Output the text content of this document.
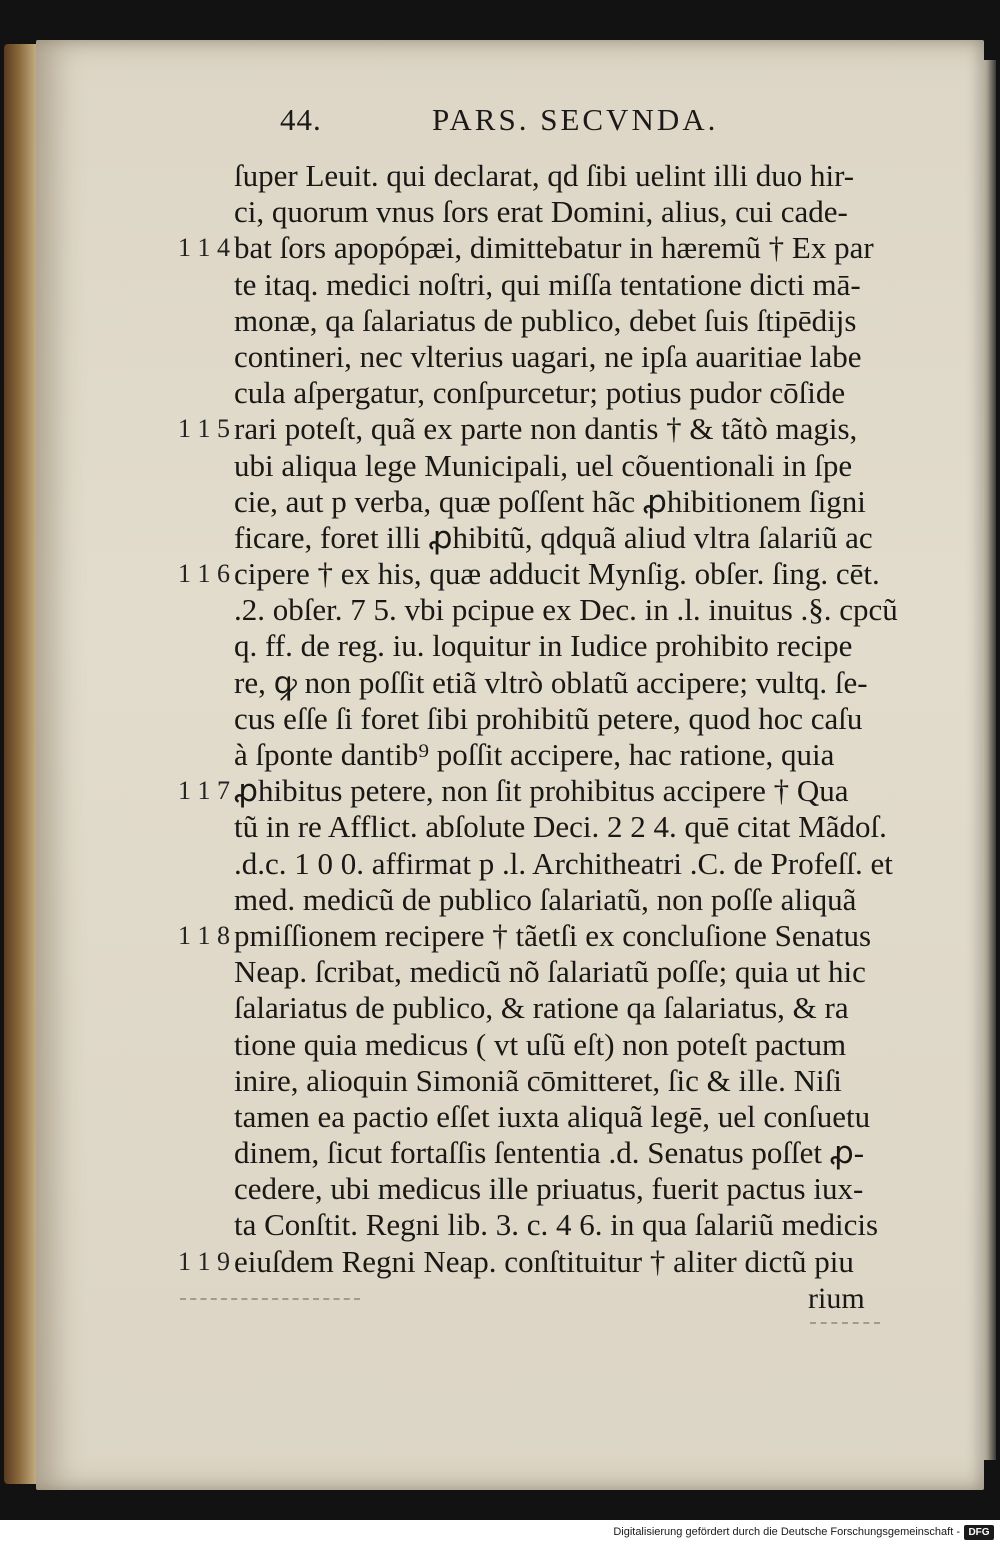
44.	PARS. SECVNDA.
ſuper Leuit. qui declarat, qd ſibi uelint illi duo hir-
ci, quorum vnus ſors erat Domini, alius, cui cade-
1 1 4 bat ſors apopópæi, dimittebatur in hæremũ † Ex par
te itaq. medici noſtri, qui miſſa tentatione dicti mā-
monæ, qa ſalariatus de publico, debet ſuis ſtipēdijs
contineri, nec vlterius uagari, ne ipſa auaritiae labe
cula aſpergatur, conſpurcetur; potius pudor cōſide
1 1 5 rari poteſt, quã ex parte non dantis † & tãtò magis,
ubi aliqua lege Municipali, uel cõuentionali in ſpe
cie, aut p verba, quæ poſſent hãc ꝓhibitionem ſigni
ficare, foret illi ꝓhibitũ, qdquã aliud vltra ſalariũ ac
1 1 6 cipere † ex his, quæ adducit Mynſig. obſer. ſing. cēt.
.2. obſer. 7 5. vbi pcipue ex Dec. in .l. inuitus .§. cpcũ
q. ff. de reg. iu. loquitur in Iudice prohibito recipe
re, ꝙ non poſſit etiã vltrò oblatũ accipere; vultq. ſe-
cus eſſe ſi foret ſibi prohibitũ petere, quod hoc caſu
à ſponte dantib⁹ poſſit accipere, hac ratione, quia
1 1 7 ꝓhibitus petere, non ſit prohibitus accipere † Qua
tũ in re Afflict. abſolute Deci. 2 2 4. quē citat Mãdoſ.
.d.c. 1 0 0. affirmat p .l. Architheatri .C. de Profeſſ. et
med. medicũ de publico ſalariatũ, non poſſe aliquã
1 1 8 pmiſſionem recipere † tãetſi ex concluſione Senatus
Neap. ſcribat, medicũ nõ ſalariatũ poſſe; quia ut hic
ſalariatus de publico, & ratione qa ſalariatus, & ra
tione quia medicus ( vt uſũ eſt) non poteſt pactum
inire, alioquin Simoniã cōmitteret, ſic & ille. Niſi
tamen ea pactio eſſet iuxta aliquã legē, uel conſuetu
dinem, ſicut fortaſſis ſententia .d. Senatus poſſet ꝓ-
cedere, ubi medicus ille priuatus, fuerit pactus iux-
ta Conſtit. Regni lib. 3. c. 4 6. in qua ſalariũ medicis
1 1 9 eiuſdem Regni Neap. conſtituitur † aliter dictũ piu
rium
Digitalisierung gefördert durch die Deutsche Forschungsgemeinschaft - DFG
